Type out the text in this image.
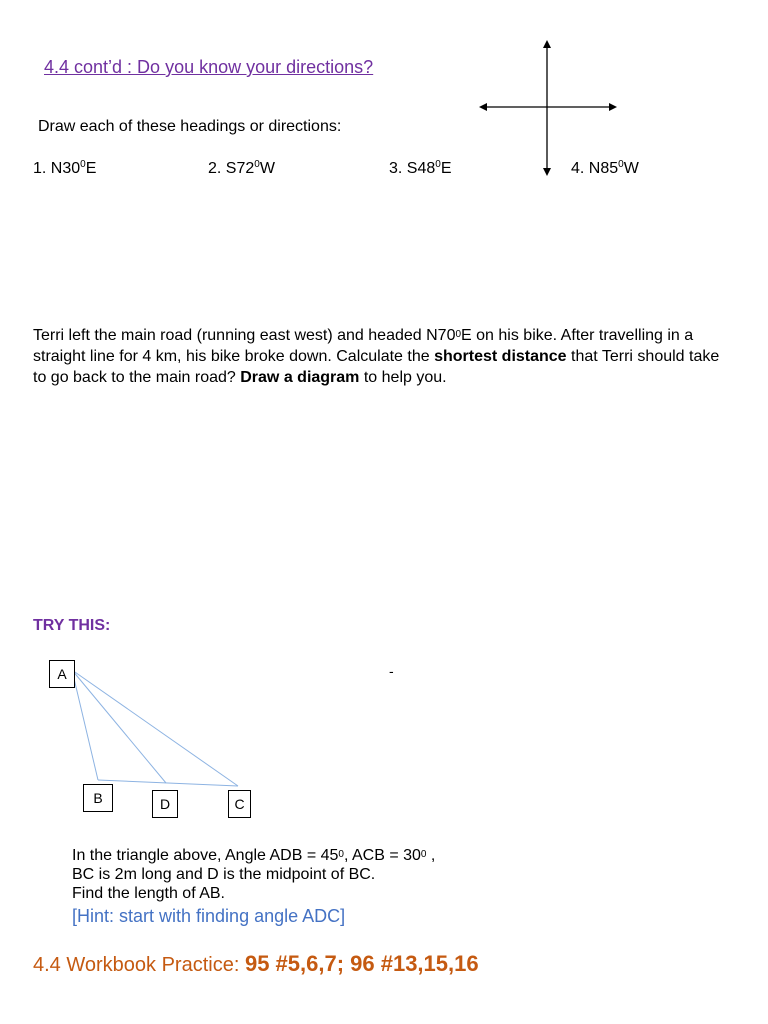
4.4 cont’d : Do you know your directions?
Draw each of these headings or directions:
1. $N30^0E$	2. $S72^0W$	3. $S48^0E$	4. $N85^0W$
Terri left the main road (running east west) and headed $N70^0E$ on his bike. After travelling in a straight line for 4 km, his bike broke down. Calculate the shortest distance that Terri should take to go back to the main road? Draw a diagram to help you.
TRY THIS:
-
A
B	D	C
In the triangle above, Angle ADB = $45^0$, ACB = $30^0$ ,
BC is 2m long and D is the midpoint of BC.
Find the length of AB.
[Hint: start with finding angle ADC]
4.4 Workbook Practice: 95 #5,6,7; 96 #13,15,16
